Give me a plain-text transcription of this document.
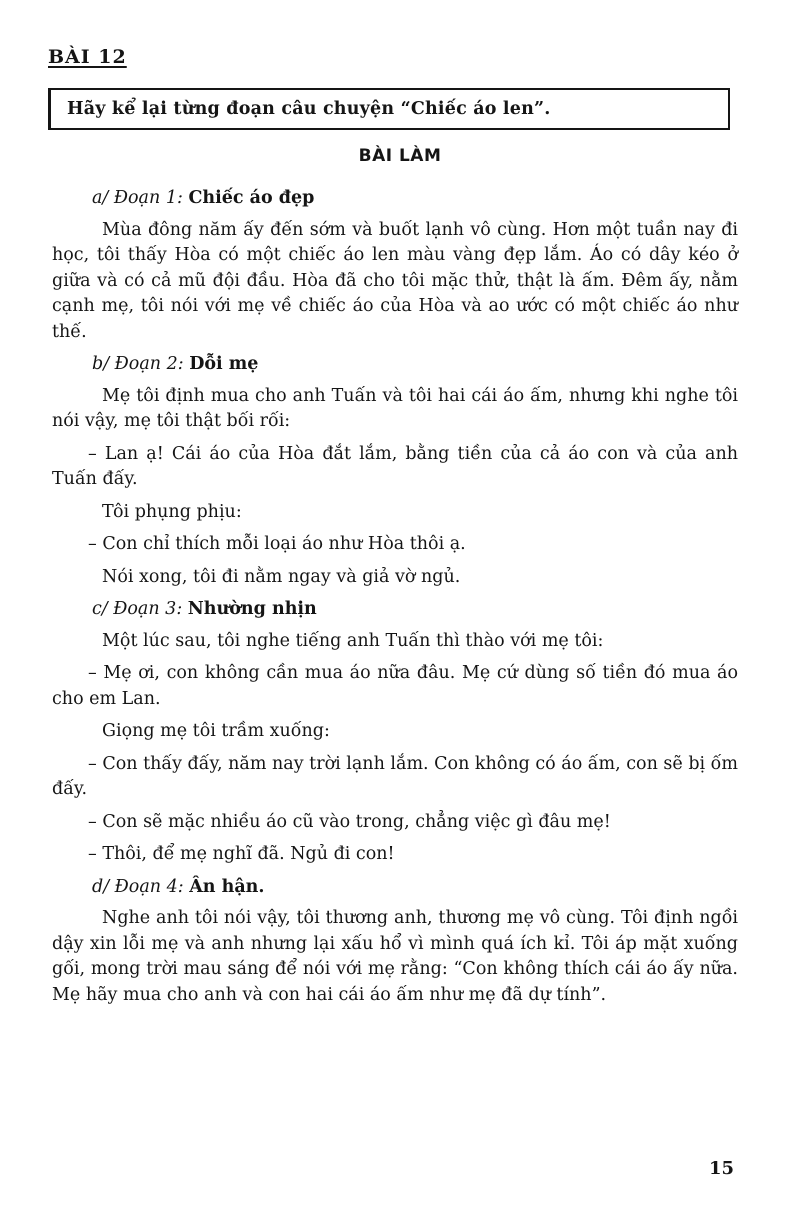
BÀI 12
Hãy kể lại từng đoạn câu chuyện “Chiếc áo len”.
BÀI LÀM
a/ Đoạn 1: Chiếc áo đẹp

Mùa đông năm ấy đến sớm và buốt lạnh vô cùng. Hơn một tuần nay đi học, tôi thấy Hòa có một chiếc áo len màu vàng đẹp lắm. Áo có dây kéo ở giữa và có cả mũ đội đầu. Hòa đã cho tôi mặc thử, thật là ấm. Đêm ấy, nằm cạnh mẹ, tôi nói với mẹ về chiếc áo của Hòa và ao ước có một chiếc áo như thế.

b/ Đoạn 2: Dỗi mẹ

Mẹ tôi định mua cho anh Tuấn và tôi hai cái áo ấm, nhưng khi nghe tôi nói vậy, mẹ tôi thật bối rối:

– Lan ạ! Cái áo của Hòa đắt lắm, bằng tiền của cả áo con và của anh Tuấn đấy.

Tôi phụng phịu:

– Con chỉ thích mỗi loại áo như Hòa thôi ạ.

Nói xong, tôi đi nằm ngay và giả vờ ngủ.

c/ Đoạn 3: Nhường nhịn

Một lúc sau, tôi nghe tiếng anh Tuấn thì thào với mẹ tôi:

– Mẹ ơi, con không cần mua áo nữa đâu. Mẹ cứ dùng số tiền đó mua áo cho em Lan.

Giọng mẹ tôi trầm xuống:

– Con thấy đấy, năm nay trời lạnh lắm. Con không có áo ấm, con sẽ bị ốm đấy.

– Con sẽ mặc nhiều áo cũ vào trong, chẳng việc gì đâu mẹ!

– Thôi, để mẹ nghĩ đã. Ngủ đi con!

d/ Đoạn 4: Ân hận.

Nghe anh tôi nói vậy, tôi thương anh, thương mẹ vô cùng. Tôi định ngồi dậy xin lỗi mẹ và anh nhưng lại xấu hổ vì mình quá ích kỉ. Tôi áp mặt xuống gối, mong trời mau sáng để nói với mẹ rằng: “Con không thích cái áo ấy nữa. Mẹ hãy mua cho anh và con hai cái áo ấm như mẹ đã dự tính”.

15
